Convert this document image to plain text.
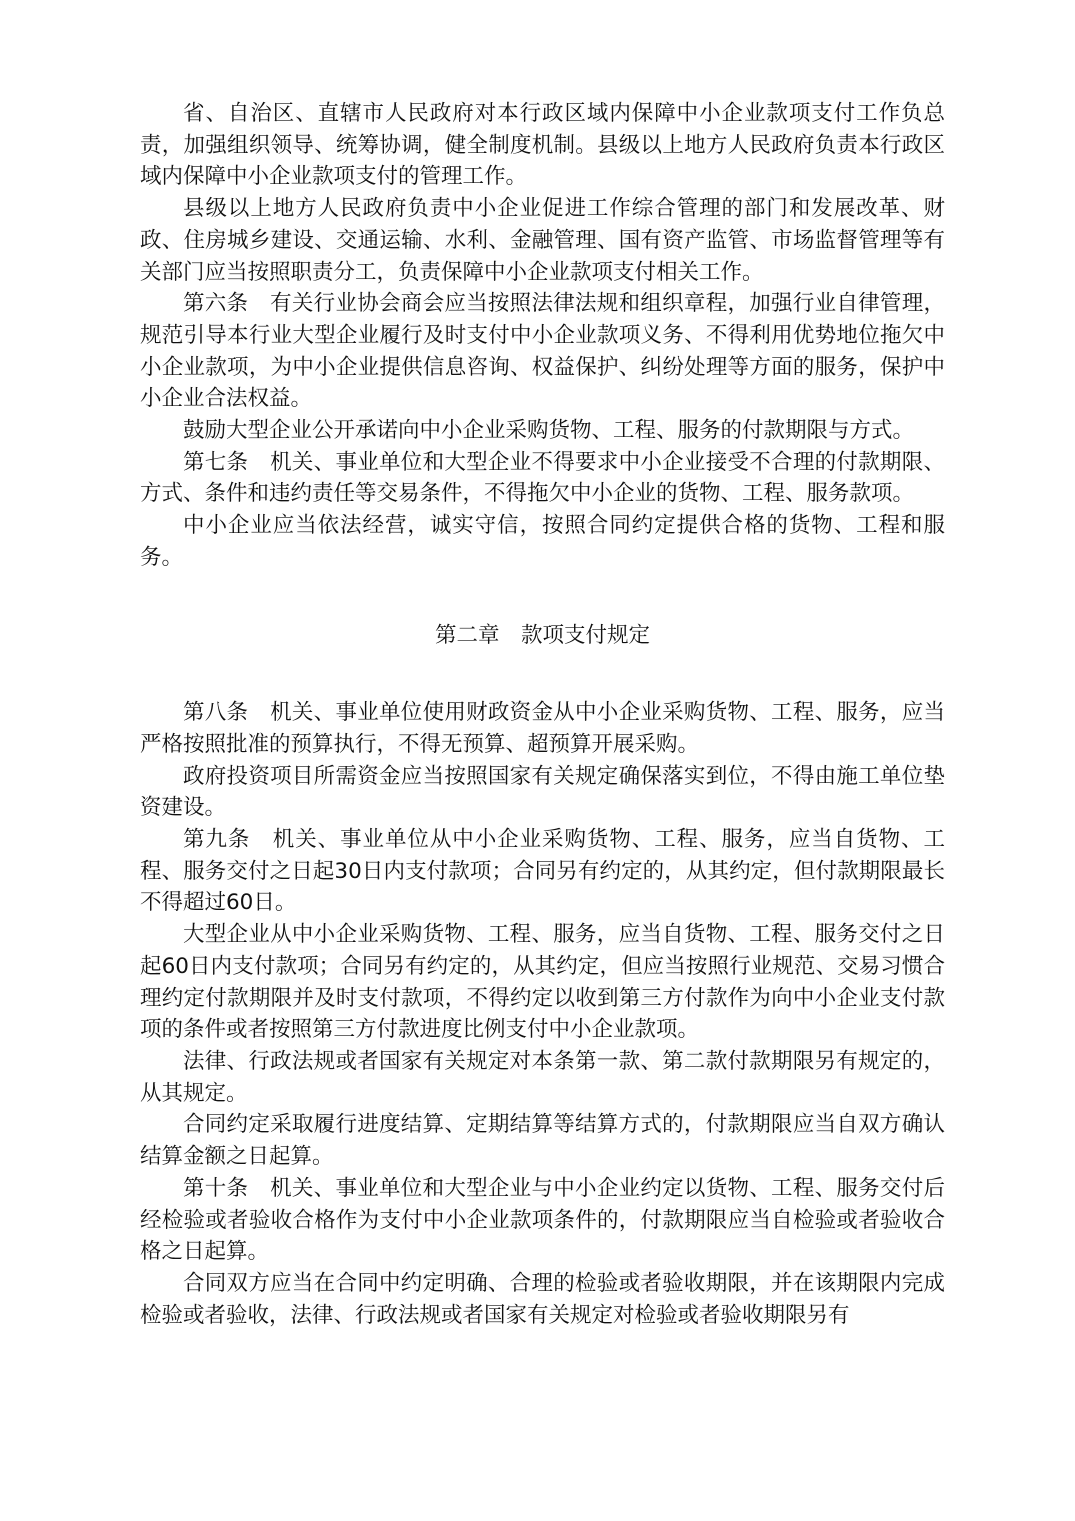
省、自治区、直辖市人民政府对本行政区域内保障中小企业款项支付工作负总责，加强组织领导、统筹协调，健全制度机制。县级以上地方人民政府负责本行政区域内保障中小企业款项支付的管理工作。

县级以上地方人民政府负责中小企业促进工作综合管理的部门和发展改革、财政、住房城乡建设、交通运输、水利、金融管理、国有资产监管、市场监督管理等有关部门应当按照职责分工，负责保障中小企业款项支付相关工作。

第六条　有关行业协会商会应当按照法律法规和组织章程，加强行业自律管理，规范引导本行业大型企业履行及时支付中小企业款项义务、不得利用优势地位拖欠中小企业款项，为中小企业提供信息咨询、权益保护、纠纷处理等方面的服务，保护中小企业合法权益。

鼓励大型企业公开承诺向中小企业采购货物、工程、服务的付款期限与方式。

第七条　机关、事业单位和大型企业不得要求中小企业接受不合理的付款期限、方式、条件和违约责任等交易条件，不得拖欠中小企业的货物、工程、服务款项。

中小企业应当依法经营，诚实守信，按照合同约定提供合格的货物、工程和服务。

第二章　款项支付规定

第八条　机关、事业单位使用财政资金从中小企业采购货物、工程、服务，应当严格按照批准的预算执行，不得无预算、超预算开展采购。

政府投资项目所需资金应当按照国家有关规定确保落实到位，不得由施工单位垫资建设。

第九条　机关、事业单位从中小企业采购货物、工程、服务，应当自货物、工程、服务交付之日起30日内支付款项；合同另有约定的，从其约定，但付款期限最长不得超过60日。

大型企业从中小企业采购货物、工程、服务，应当自货物、工程、服务交付之日起60日内支付款项；合同另有约定的，从其约定，但应当按照行业规范、交易习惯合理约定付款期限并及时支付款项，不得约定以收到第三方付款作为向中小企业支付款项的条件或者按照第三方付款进度比例支付中小企业款项。

法律、行政法规或者国家有关规定对本条第一款、第二款付款期限另有规定的，从其规定。

合同约定采取履行进度结算、定期结算等结算方式的，付款期限应当自双方确认结算金额之日起算。

第十条　机关、事业单位和大型企业与中小企业约定以货物、工程、服务交付后经检验或者验收合格作为支付中小企业款项条件的，付款期限应当自检验或者验收合格之日起算。

合同双方应当在合同中约定明确、合理的检验或者验收期限，并在该期限内完成检验或者验收，法律、行政法规或者国家有关规定对检验或者验收期限另有
